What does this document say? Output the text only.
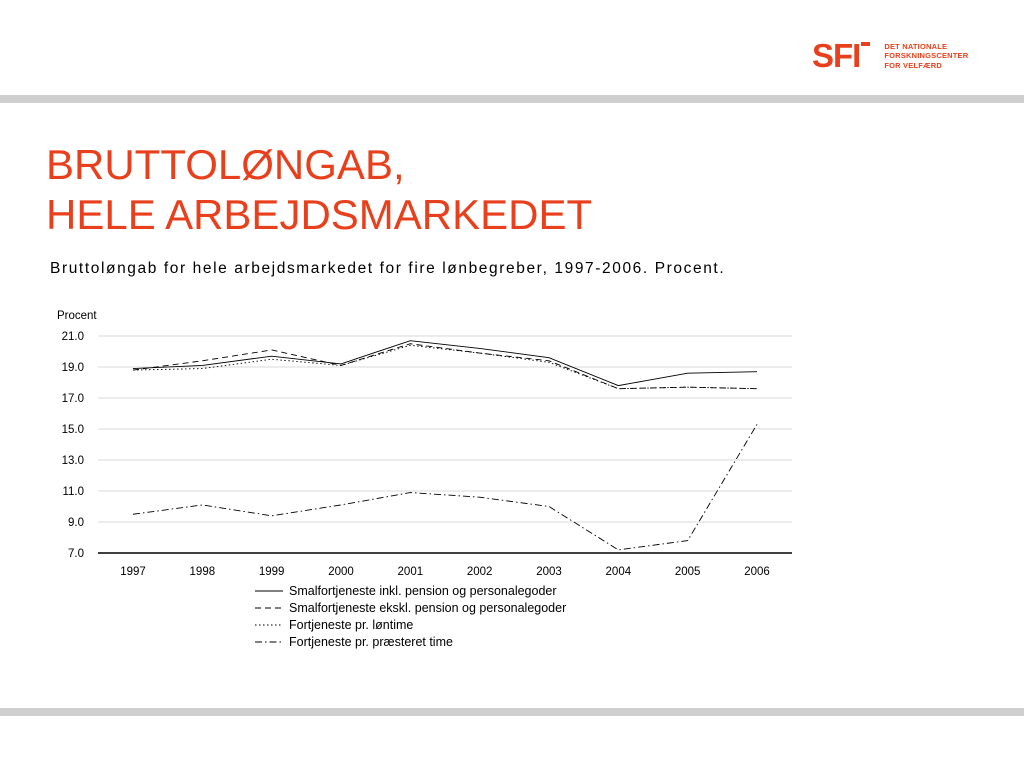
SFI	DET NATIONALE
FORSKNINGSCENTER
FOR VELFÆRD
BRUTTOLØNGAB,
HELE ARBEJDSMARKEDET
Bruttoløngab for hele arbejdsmarkedet for fire lønbegreber, 1997-2006. Procent.
Procent
7.0
9.0
11.0
13.0
15.0
17.0
19.0
21.0
1997	1998	1999	2000	2001	2002	2003	2004	2005	2006
Smalfortjeneste inkl. pension og personalegoder
Smalfortjeneste ekskl. pension og personalegoder
Fortjeneste pr. løntime
Fortjeneste pr. præsteret time
